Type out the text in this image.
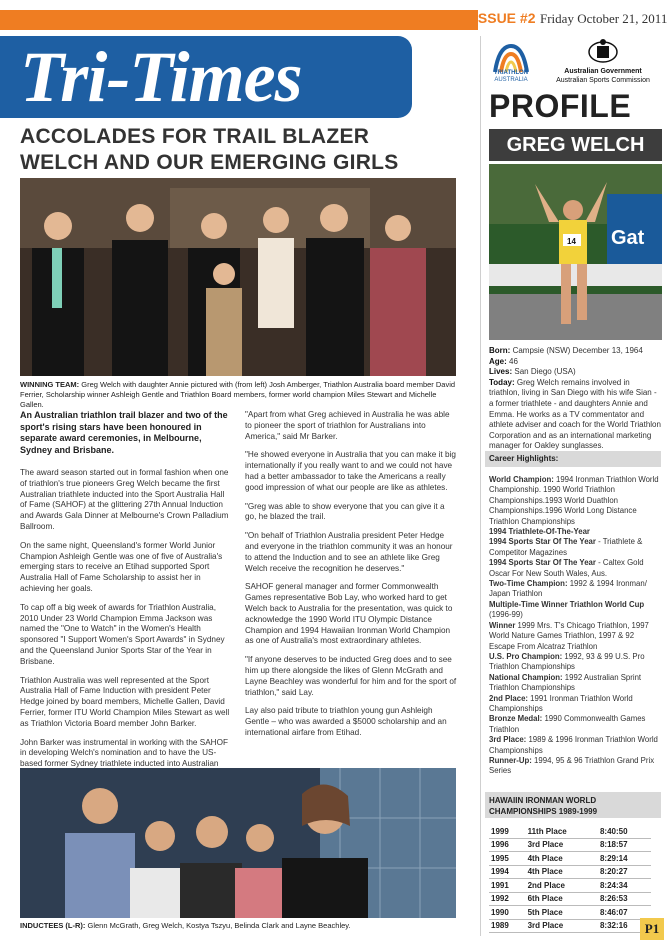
ISSUE #2 Friday October 21, 2011
Tri-Times
ACCOLADES FOR TRAIL BLAZER
WELCH AND OUR EMERGING GIRLS
WINNING TEAM: Greg Welch with daughter Annie pictured with (from left) Josh Amberger, Triathlon Australia board member David Ferrier, Scholarship winner Ashleigh Gentle and Triathlon Board members, former world champion Miles Stewart and Michelle Gallen.

An Australian triathlon trail blazer and two of the sport's rising stars have been honoured in separate award ceremonies, in Melbourne, Sydney and Brisbane.

The award season started out in formal fashion when one of triathlon's true pioneers Greg Welch became the first Australian triathlete inducted into the Sport Australia Hall of Fame (SAHOF) at the glittering 27th Annual Induction and Awards Gala Dinner at Melbourne's Crown Palladium Ballroom.

On the same night, Queensland's former World Junior Champion Ashleigh Gentle was one of five of Australia's emerging stars to receive an Etihad supported Sport Australia Hall of Fame Scholarship to assist her in achieving her goals.

To cap off a big week of awards for Triathlon Australia, 2010 Under 23 World Champion Emma Jackson was named the "One to Watch" in the Women's Health sponsored "I Support Women's Sport Awards" in Sydney and the Queensland Junior Sports Star of the Year in Brisbane.

Triathlon Australia was well represented at the Sport Australia Hall of Fame Induction with president Peter Hedge joined by board members, Michelle Gallen, David Ferrier, former ITU World Champion Miles Stewart as well as Triathlon Victoria Board member John Barker.

John Barker was instrumental in working with the SAHOF in developing Welch's nomination and to have the US-based former Sydney triathlete inducted into Australian

"Apart from what Greg achieved in Australia he was able to pioneer the sport of triathlon for Australians into America," said Mr Barker.

"He showed everyone in Australia that you can make it big internationally if you really want to and we could not have had a better ambassador to take the Americans a really good impression of what our people are like as athletes.

"Greg was able to show everyone that you can give it a go, he blazed the trail.

"On behalf of Triathlon Australia president Peter Hedge and everyone in the triathlon community it was an honour to attend the Induction and to see an athlete like Greg Welch receive the recognition he deserves."

SAHOF general manager and former Commonwealth Games representative Bob Lay, who worked hard to get Welch back to Australia for the presentation, was quick to acknowledge the 1990 World ITU Olympic Distance Champion and 1994 Hawaiian Ironman World Champion as one of Australia's most extraordinary athletes.

"If anyone deserves to be inducted Greg does and to see him up there alongside the likes of Glenn McGrath and Layne Beachley was wonderful for him and for the sport of triathlon," said Lay.

Lay also paid tribute to triathlon young gun Ashleigh Gentle – who was awarded a $5000 scholarship and an international airfare from Etihad.

INDUCTEES (L-R): Glenn McGrath, Greg Welch, Kostya Tszyu, Belinda Clark and Layne Beachley.
TRIATHLON
AUSTRALIA
Australian Government
Australian Sports Commission
PROFILE
GREG WELCH
Gat
14
Born: Campsie (NSW) December 13, 1964
Age: 46
Lives: San Diego (USA)
Today: Greg Welch remains involved in triathlon, living in San Diego with his wife Sian - a former triathlete - and daughters Annie and Emma. He works as a TV commentator and athlete adviser and coach for the World Triathlon Corporation and as an international marketing manager for Oakley sunglasses.
Career Highlights:
World Champion: 1994 Ironman Triathlon World Championship. 1990 World Triathlon Championships.1993 World Duathlon Championships.1996 World Long Distance Triathlon Championships
1994 Triathlete-Of-The-Year
1994 Sports Star Of The Year - Triathlete & Competitor Magazines
1994 Sports Star Of The Year - Caltex Gold Oscar For New South Wales, Aus.
Two-Time Champion: 1992 & 1994 Ironman/ Japan Triathlon
Multiple-Time Winner Triathlon World Cup (1996-99)
Winner 1999 Mrs. T's Chicago Triathlon, 1997 World Nature Games Triathlon, 1997 & 92 Escape From Alcatraz Triathlon
U.S. Pro Champion: 1992, 93 & 99 U.S. Pro Triathlon Championships
National Champion: 1992 Australian Sprint Triathlon Championships
2nd Place: 1991 Ironman Triathlon World Championships
Bronze Medal: 1990 Commonwealth Games Triathlon
3rd Place: 1989 & 1996 Ironman Triathlon World Championships
Runner-Up: 1994, 95 & 96 Triathlon Grand Prix Series
HAWAIIN IRONMAN WORLD CHAMPIONSHIPS 1989-1999
1999	11th Place	8:40:50
1996	3rd Place	8:18:57
1995	4th Place	8:29:14
1994	4th Place	8:20:27
1991	2nd Place	8:24:34
1992	6th Place	8:26:53
1990	5th Place	8:46:07
1989	3rd Place	8:32:16	P1
